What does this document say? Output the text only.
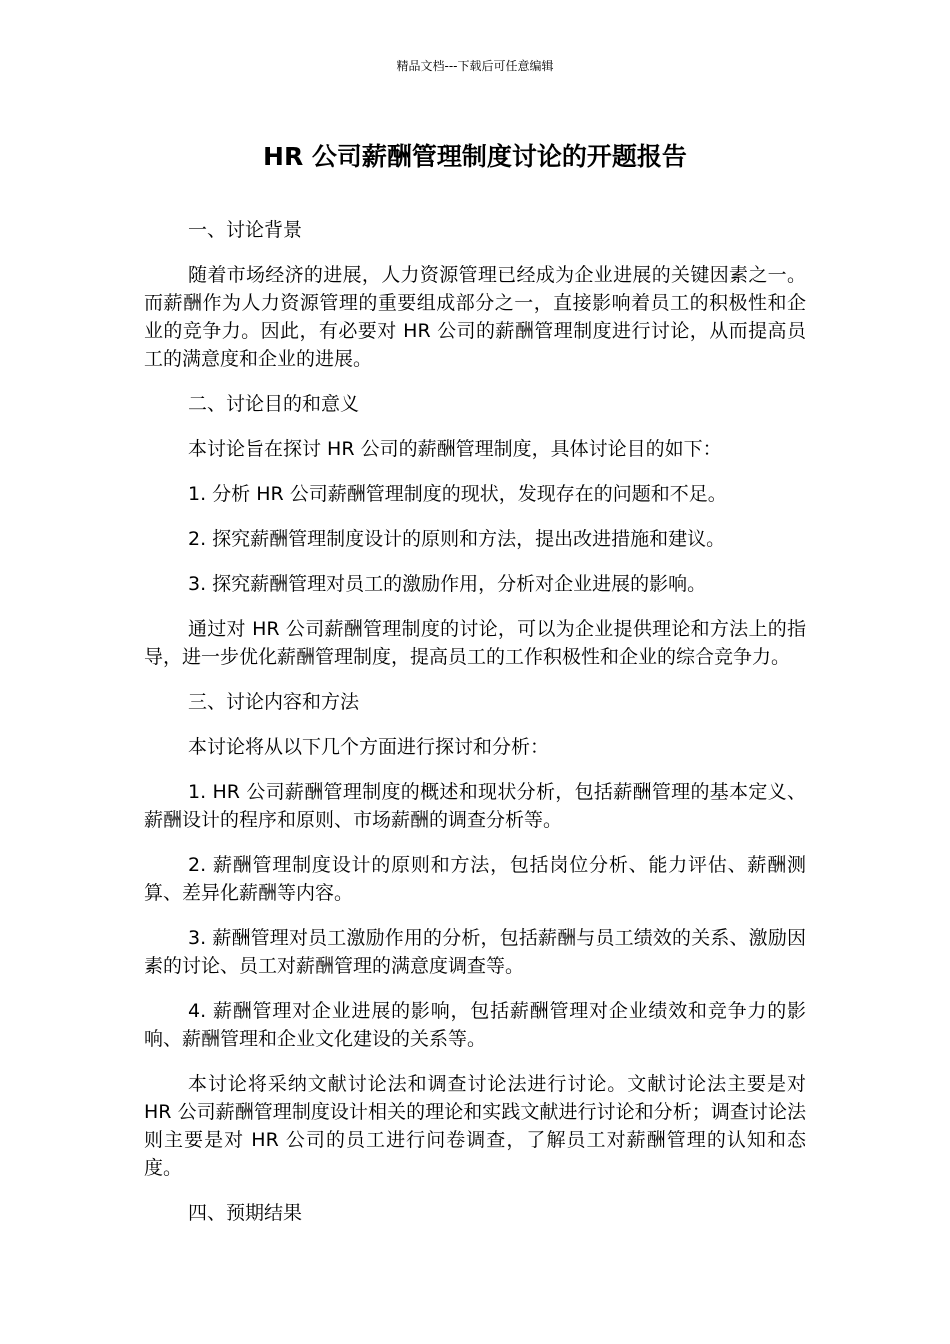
精品文档---下载后可任意编辑
HR 公司薪酬管理制度讨论的开题报告

一、讨论背景

随着市场经济的进展，人力资源管理已经成为企业进展的关键因素之一。而薪酬作为人力资源管理的重要组成部分之一，直接影响着员工的积极性和企业的竞争力。因此，有必要对 HR 公司的薪酬管理制度进行讨论，从而提高员工的满意度和企业的进展。

二、讨论目的和意义

本讨论旨在探讨 HR 公司的薪酬管理制度，具体讨论目的如下：

1. 分析 HR 公司薪酬管理制度的现状，发现存在的问题和不足。

2. 探究薪酬管理制度设计的原则和方法，提出改进措施和建议。

3. 探究薪酬管理对员工的激励作用，分析对企业进展的影响。

通过对 HR 公司薪酬管理制度的讨论，可以为企业提供理论和方法上的指导，进一步优化薪酬管理制度，提高员工的工作积极性和企业的综合竞争力。

三、讨论内容和方法

本讨论将从以下几个方面进行探讨和分析：

1. HR 公司薪酬管理制度的概述和现状分析，包括薪酬管理的基本定义、薪酬设计的程序和原则、市场薪酬的调查分析等。

2. 薪酬管理制度设计的原则和方法，包括岗位分析、能力评估、薪酬测算、差异化薪酬等内容。

3. 薪酬管理对员工激励作用的分析，包括薪酬与员工绩效的关系、激励因素的讨论、员工对薪酬管理的满意度调查等。

4. 薪酬管理对企业进展的影响，包括薪酬管理对企业绩效和竞争力的影响、薪酬管理和企业文化建设的关系等。

本讨论将采纳文献讨论法和调查讨论法进行讨论。文献讨论法主要是对 HR 公司薪酬管理制度设计相关的理论和实践文献进行讨论和分析；调查讨论法则主要是对 HR 公司的员工进行问卷调查，了解员工对薪酬管理的认知和态度。

四、预期结果
